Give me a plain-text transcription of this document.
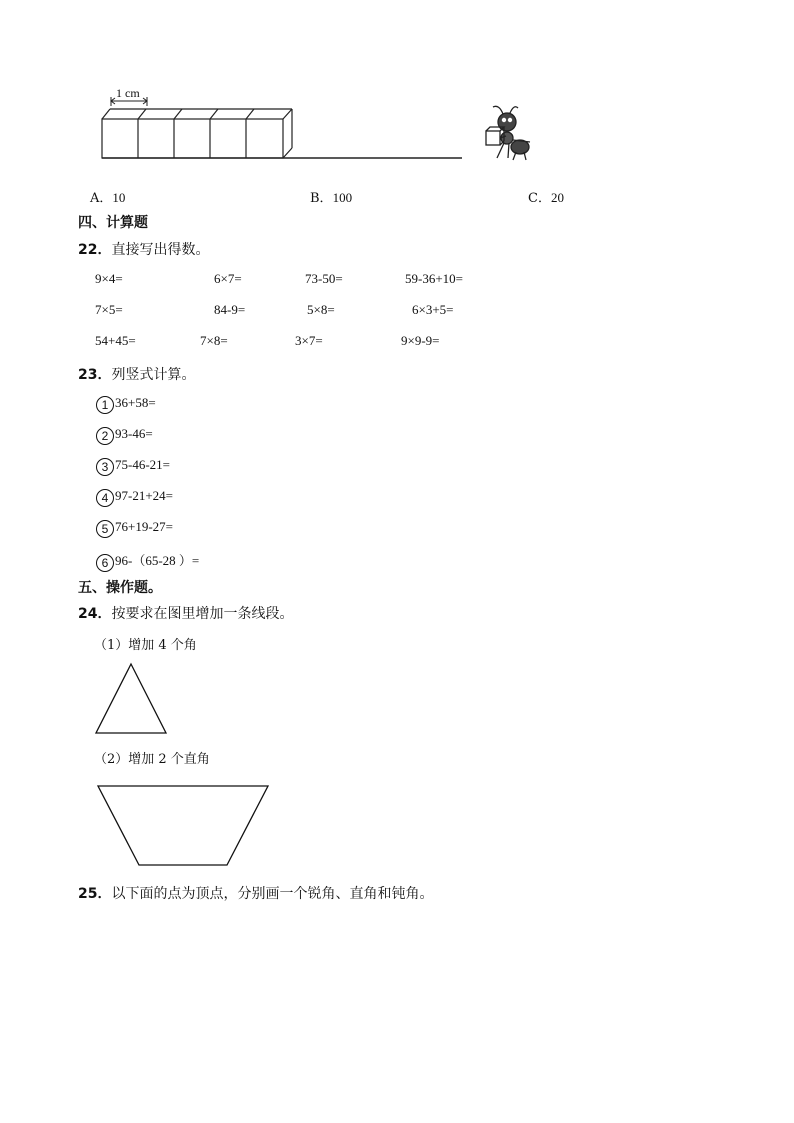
1 cm
A．10	B．100	C．20
四、计算题
22．直接写出得数。
9×4=	6×7=	73-50=	59-36+10=
7×5=	84-9=	5×8=	6×3+5=
54+45=	7×8=	3×7=	9×9-9=
23．列竖式计算。
1 36+58=
2 93-46=
3 75-46-21=
4 97-21+24=
5 76+19-27=
6 96-（65-28 ）=
五、操作题。
24．按要求在图里增加一条线段。
（1）增加 4 个角
（2）增加 2 个直角
25．以下面的点为顶点，分别画一个锐角、直角和钝角。
